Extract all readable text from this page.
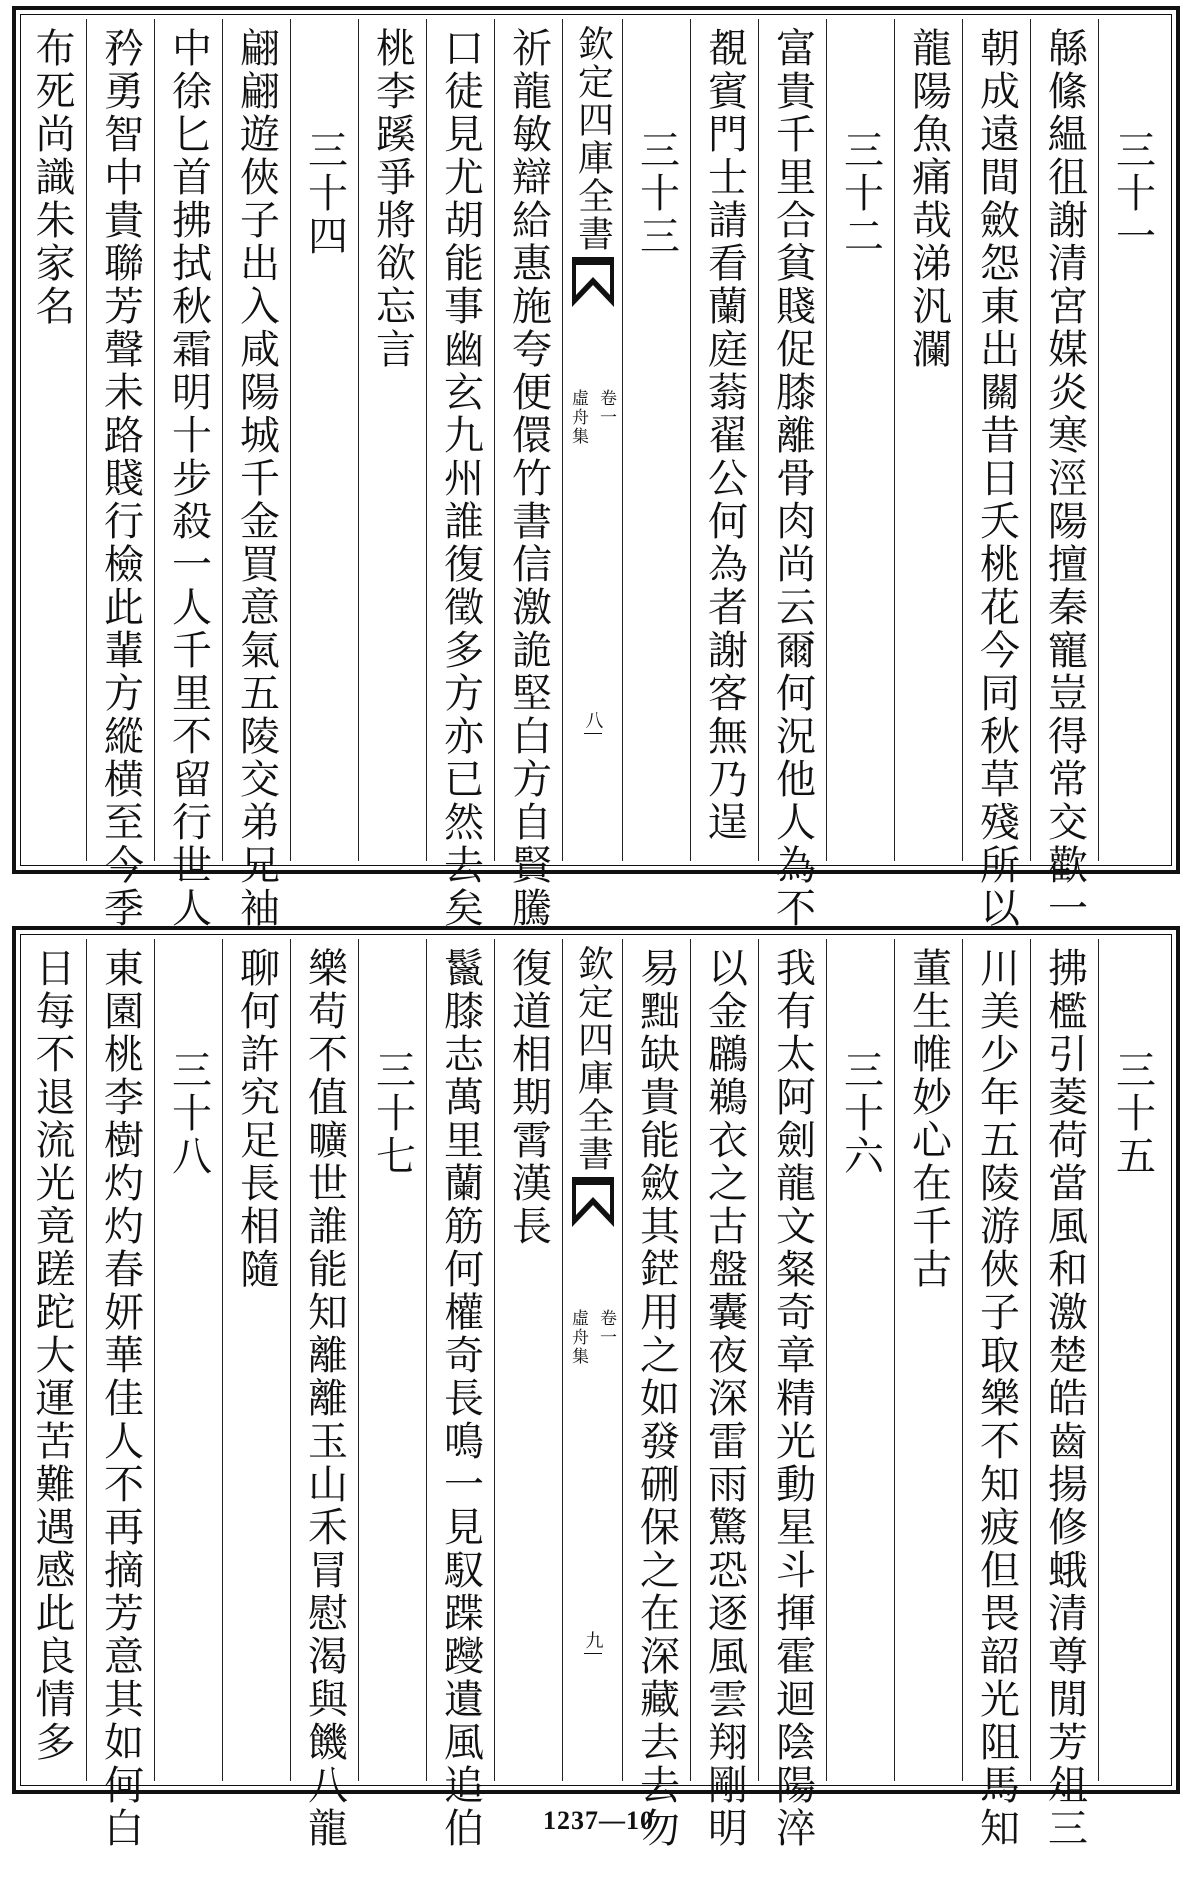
三十一
緜絛緼徂謝清宮媒炎寒涇陽擅秦寵豈得常交歡一
朝成遠間斂怨東出關昔日夭桃花今同秋草殘所以
龍陽魚痛哉涕汎瀾
三十二
富貴千里合貧賤促膝離骨肉尚云爾何況他人為不
覩賓門士請看蘭庭蓊翟公何為者謝客無乃逞
三十三
欽定四庫全書
虛舟集 卷一
八
祈龍敏辯給惠施夸便儇竹書信激詭堅白方自賢騰
口徒見尤胡能事幽玄九州誰復徵多方亦已然去矣
桃李蹊爭將欲忘言
三十四
翩翩遊俠子出入咸陽城千金買意氣五陵交弟兄袖
中徐匕首拂拭秋霜明十步殺一人千里不留行世人
矜勇智中貴聯芳聲未路賤行檢此輩方縱横至今季
布死尚識朱家名
三十五
拂檻引菱荷當風和激楚皓齒揚修蛾清尊閒芳俎三
川美少年五陵游俠子取樂不知疲但畏韶光阻馬知
董生帷妙心在千古
三十六
我有太阿劍龍文粲奇章精光動星斗揮霍迴陰陽淬
以金鸊鵜衣之古盤囊夜深雷雨驚恐逐風雲翔剛明
易黜缺貴能斂其鋩用之如發硎保之在深藏去去勿
欽定四庫全書
虛舟集 卷一
九
復道相期霄漢長
鬣膝志萬里蘭筋何權奇長鳴一見馭蹀躞遺風追伯
三十七
樂苟不值曠世誰能知離離玉山禾冐慰渴與饑八龍
聊何許究足長相隨
三十八
東園桃李樹灼灼春妍華佳人不再摘芳意其如何白
日每不退流光竟蹉跎大運苦難遇感此良情多
1237—10
